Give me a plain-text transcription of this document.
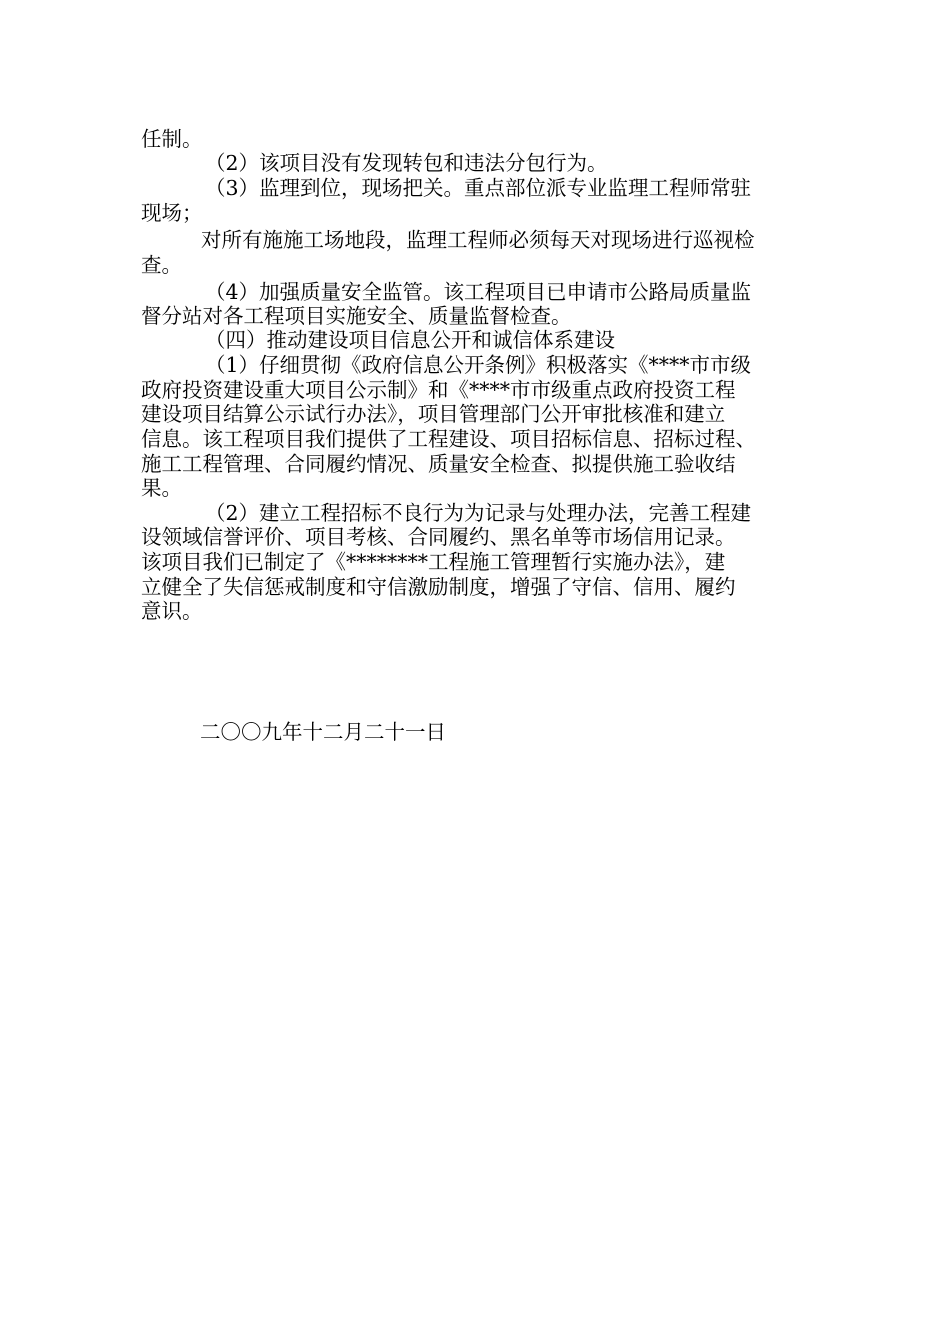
任制。
（2）该项目没有发现转包和违法分包行为。
（3）监理到位，现场把关。重点部位派专业监理工程师常驻
现场；
对所有施施工场地段，监理工程师必须每天对现场进行巡视检
查。
（4）加强质量安全监管。该工程项目已申请市公路局质量监
督分站对各工程项目实施安全、质量监督检查。
（四）推动建设项目信息公开和诚信体系建设
（1）仔细贯彻《政府信息公开条例》积极落实《****市市级
政府投资建设重大项目公示制》和《****市市级重点政府投资工程
建设项目结算公示试行办法》，项目管理部门公开审批核准和建立
信息。该工程项目我们提供了工程建设、项目招标信息、招标过程、
施工工程管理、合同履约情况、质量安全检查、拟提供施工验收结
果。
（2）建立工程招标不良行为为记录与处理办法，完善工程建
设领域信誉评价、项目考核、合同履约、黑名单等市场信用记录。
该项目我们已制定了《********工程施工管理暂行实施办法》，建
立健全了失信惩戒制度和守信激励制度，增强了守信、信用、履约
意识。
二〇〇九年十二月二十一日
